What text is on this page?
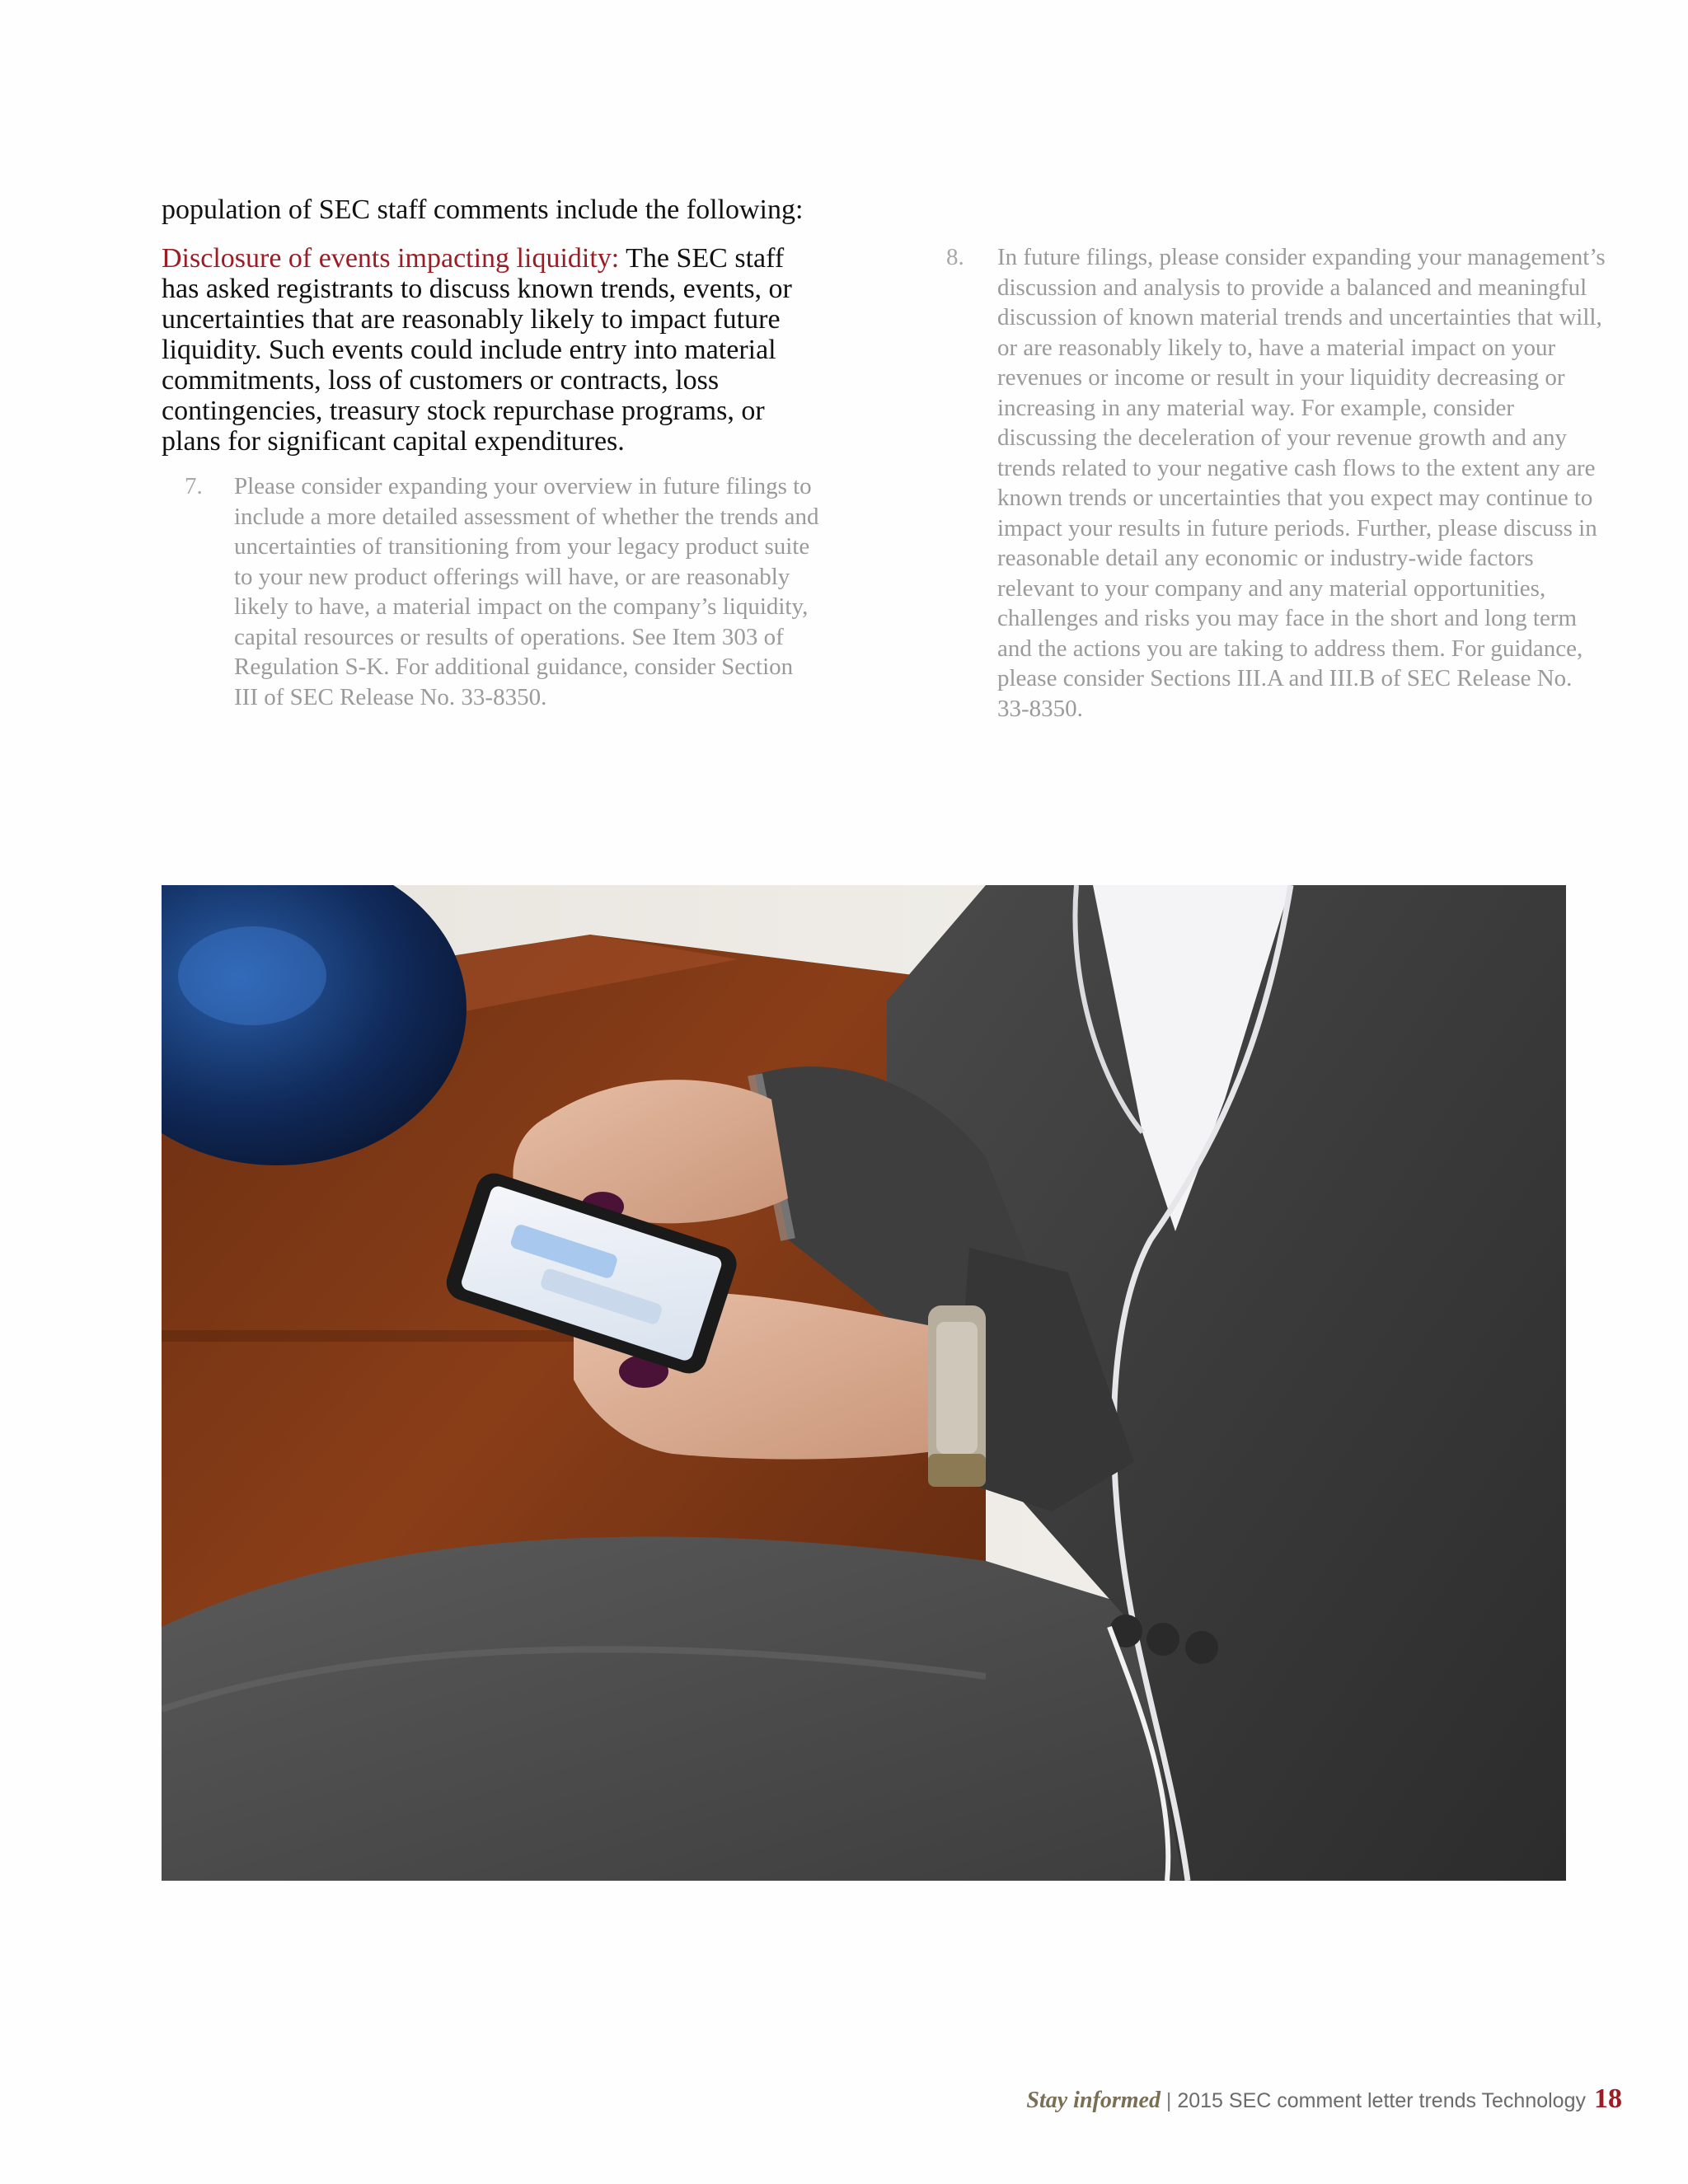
population of SEC staff comments include the following:

Disclosure of events impacting liquidity: The SEC staff has asked registrants to discuss known trends, events, or uncertainties that are reasonably likely to impact future liquidity. Such events could include entry into material commitments, loss of customers or contracts, loss contingencies, treasury stock repurchase programs, or plans for significant capital expenditures.

7. Please consider expanding your overview in future filings to include a more detailed assessment of whether the trends and uncertainties of transitioning from your legacy product suite to your new product offerings will have, or are reasonably likely to have, a material impact on the company’s liquidity, capital resources or results of operations. See Item 303 of Regulation S-K. For additional guidance, consider Section III of SEC Release No. 33-8350.
8. In future filings, please consider expanding your management’s discussion and analysis to provide a balanced and meaningful discussion of known material trends and uncertainties that will, or are reasonably likely to, have a material impact on your revenues or income or result in your liquidity decreasing or increasing in any material way. For example, consider discussing the deceleration of your revenue growth and any trends related to your negative cash flows to the extent any are known trends or uncertainties that you expect may continue to impact your results in future periods. Further, please discuss in reasonable detail any economic or industry-wide factors relevant to your company and any material opportunities, challenges and risks you may face in the short and long term and the actions you are taking to address them. For guidance, please consider Sections III.A and III.B of SEC Release No. 33-8350.
Stay informed | 2015 SEC comment letter trends Technology 18
